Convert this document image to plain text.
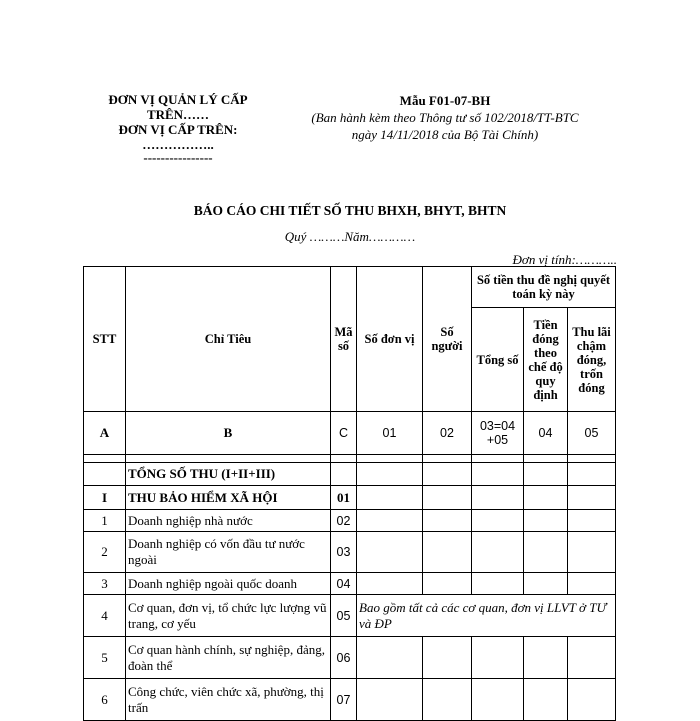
ĐƠN VỊ QUẢN LÝ CẤP TRÊN……
ĐƠN VỊ CẤP TRÊN:
……………..
----------------
Mẫu F01-07-BH
(Ban hành kèm theo Thông tư số 102/2018/TT-BTC
ngày 14/11/2018 của Bộ Tài Chính)
BÁO CÁO CHI TIẾT SỐ THU BHXH, BHYT, BHTN
Quý ………Năm…………
Đơn vị tính:………..
STT	Chỉ Tiêu	Mã số	Số đơn vị	Số người	Số tiền thu đề nghị quyết toán kỳ này		
					Tổng số	Tiền đóng theo chế độ quy định	Thu lãi chậm đóng, trốn đóng
A	B	C	01	02	03=04 +05	04	05

	TỔNG SỐ THU (I+II+III)						
I	THU BẢO HIỂM XÃ HỘI	01					
1	Doanh nghiệp nhà nước	02					
2	Doanh nghiệp có vốn đầu tư nước ngoài	03					
3	Doanh nghiệp ngoài quốc doanh	04					
4	Cơ quan, đơn vị, tổ chức lực lượng vũ trang, cơ yếu	05	Bao gồm tất cả các cơ quan, đơn vị LLVT ở TƯ và ĐP				
5	Cơ quan hành chính, sự nghiệp, đảng, đoàn thể	06					
6	Công chức, viên chức xã, phường, thị trấn	07					
